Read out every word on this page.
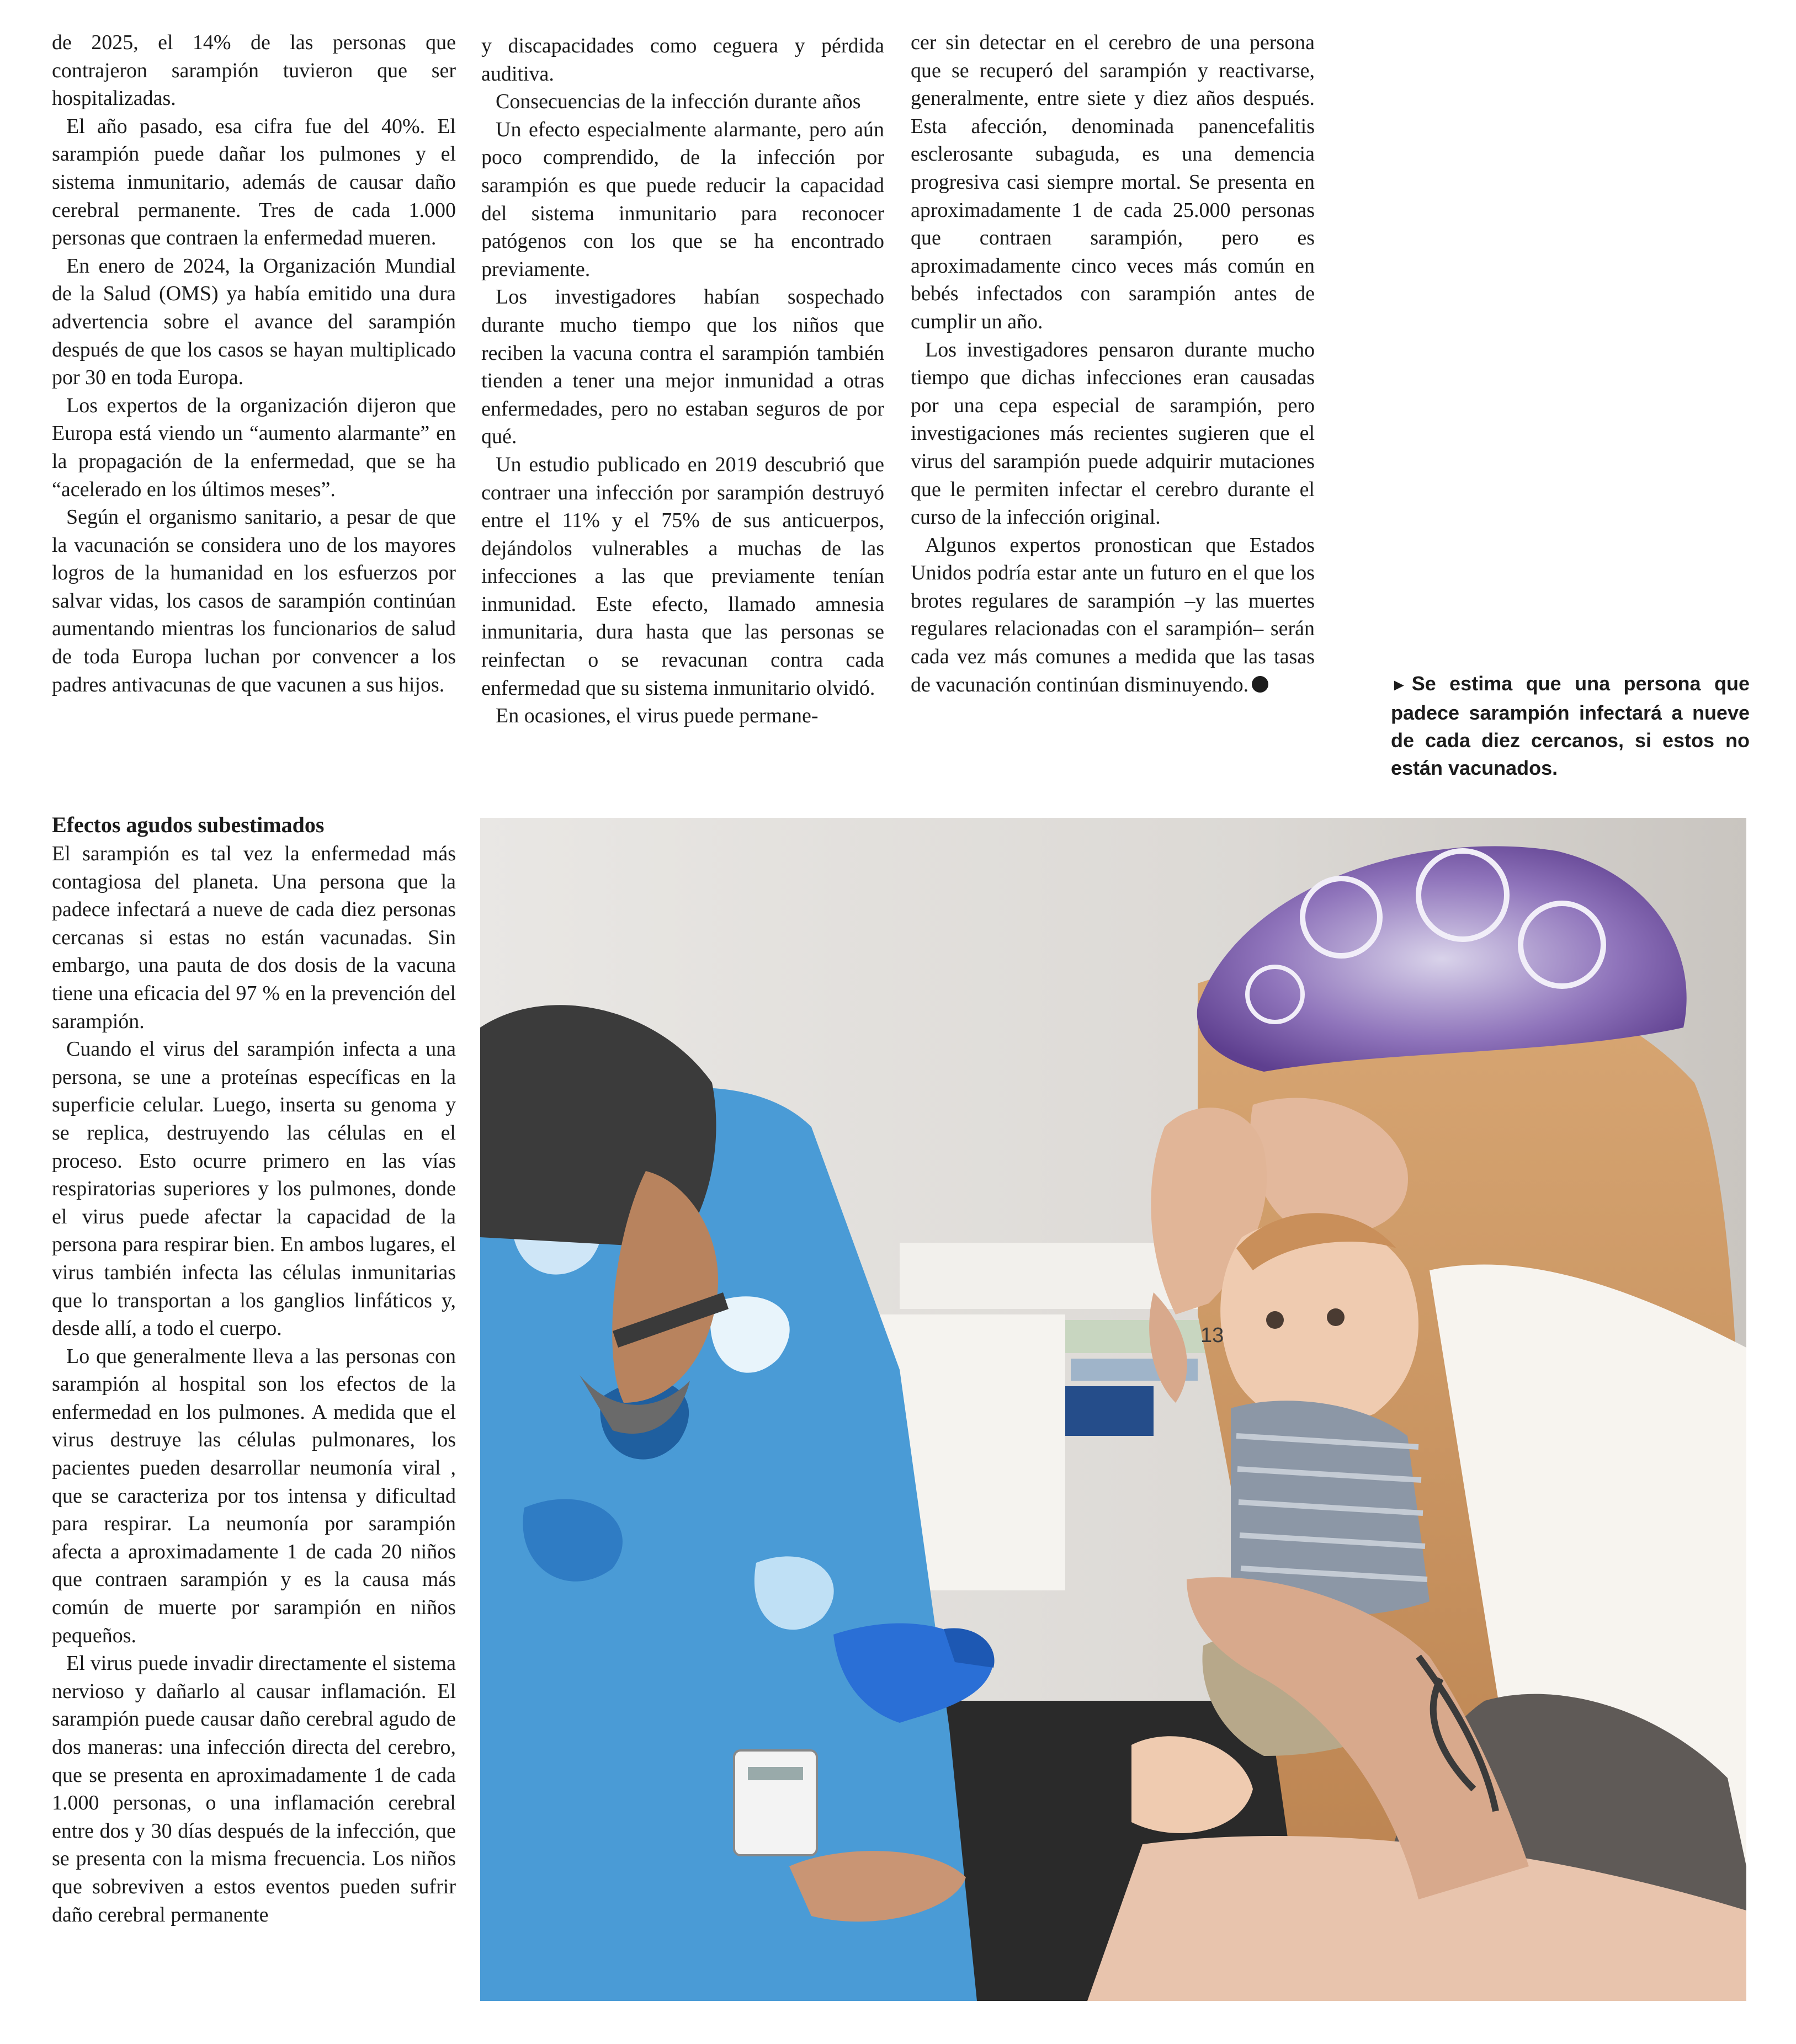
de 2025, el 14% de las personas que contrajeron sarampión tuvieron que ser hospitalizadas.

El año pasado, esa cifra fue del 40%. El sarampión puede dañar los pulmones y el sistema inmunitario, además de causar daño cerebral permanente. Tres de cada 1.000 personas que contraen la enfermedad mueren.

En enero de 2024, la Organización Mundial de la Salud (OMS) ya había emitido una dura advertencia sobre el avance del sarampión después de que los casos se hayan multiplicado por 30 en toda Europa.

Los expertos de la organización dijeron que Europa está viendo un “aumento alarmante” en la propagación de la enfermedad, que se ha “acelerado en los últimos meses”.

Según el organismo sanitario, a pesar de que la vacunación se considera uno de los mayores logros de la humanidad en los esfuerzos por salvar vidas, los casos de sarampión continúan aumentando mientras los funcionarios de salud de toda Europa luchan por convencer a los padres antivacunas de que vacunen a sus hijos.

y discapacidades como ceguera y pérdida auditiva.

Consecuencias de la infección durante años

Un efecto especialmente alarmante, pero aún poco comprendido, de la infección por sarampión es que puede reducir la capacidad del sistema inmunitario para reconocer patógenos con los que se ha encontrado previamente.

Los investigadores habían sospechado durante mucho tiempo que los niños que reciben la vacuna contra el sarampión también tienden a tener una mejor inmunidad a otras enfermedades, pero no estaban seguros de por qué.

Un estudio publicado en 2019 descubrió que contraer una infección por sarampión destruyó entre el 11% y el 75% de sus anticuerpos, dejándolos vulnerables a muchas de las infecciones a las que previamente tenían inmunidad. Este efecto, llamado amnesia inmunitaria, dura hasta que las personas se reinfectan o se revacunan contra cada enfermedad que su sistema inmunitario olvidó.

En ocasiones, el virus puede permane-

cer sin detectar en el cerebro de una persona que se recuperó del sarampión y reactivarse, generalmente, entre siete y diez años después. Esta afección, denominada panencefalitis esclerosante subaguda, es una demencia progresiva casi siempre mortal. Se presenta en aproximadamente 1 de cada 25.000 personas que contraen sarampión, pero es aproximadamente cinco veces más común en bebés infectados con sarampión antes de cumplir un año.

Los investigadores pensaron durante mucho tiempo que dichas infecciones eran causadas por una cepa especial de sarampión, pero investigaciones más recientes sugieren que el virus del sarampión puede adquirir mutaciones que le permiten infectar el cerebro durante el curso de la infección original.

Algunos expertos pronostican que Estados Unidos podría estar ante un futuro en el que los brotes regulares de sarampión –y las muertes regulares relacionadas con el sarampión– serán cada vez más comunes a medida que las tasas de vacunación continúan disminuyendo.	► Se estima que una persona que padece sarampión infectará a nueve de cada diez cercanos, si estos no están vacunados.
Efectos agudos subestimados

El sarampión es tal vez la enfermedad más contagiosa del planeta. Una persona que la padece infectará a nueve de cada diez personas cercanas si estas no están vacunadas. Sin embargo, una pauta de dos dosis de la vacuna tiene una eficacia del 97 % en la prevención del sarampión.

Cuando el virus del sarampión infecta a una persona, se une a proteínas específicas en la superficie celular. Luego, inserta su genoma y se replica, destruyendo las células en el proceso. Esto ocurre primero en las vías respiratorias superiores y los pulmones, donde el virus puede afectar la capacidad de la persona para respirar bien. En ambos lugares, el virus también infecta las células inmunitarias que lo transportan a los ganglios linfáticos y, desde allí, a todo el cuerpo.

Lo que generalmente lleva a las personas con sarampión al hospital son los efectos de la enfermedad en los pulmones. A medida que el virus destruye las células pulmonares, los pacientes pueden desarrollar neumonía viral , que se caracteriza por tos intensa y dificultad para respirar. La neumonía por sarampión afecta a aproximadamente 1 de cada 20 niños que contraen sarampión y es la causa más común de muerte por sarampión en niños pequeños.

El virus puede invadir directamente el sistema nervioso y dañarlo al causar inflamación. El sarampión puede causar daño cerebral agudo de dos maneras: una infección directa del cerebro, que se presenta en aproximadamente 1 de cada 1.000 personas, o una inflamación cerebral entre dos y 30 días después de la infección, que se presenta con la misma frecuencia. Los niños que sobreviven a estos eventos pueden sufrir daño cerebral permanente

13
